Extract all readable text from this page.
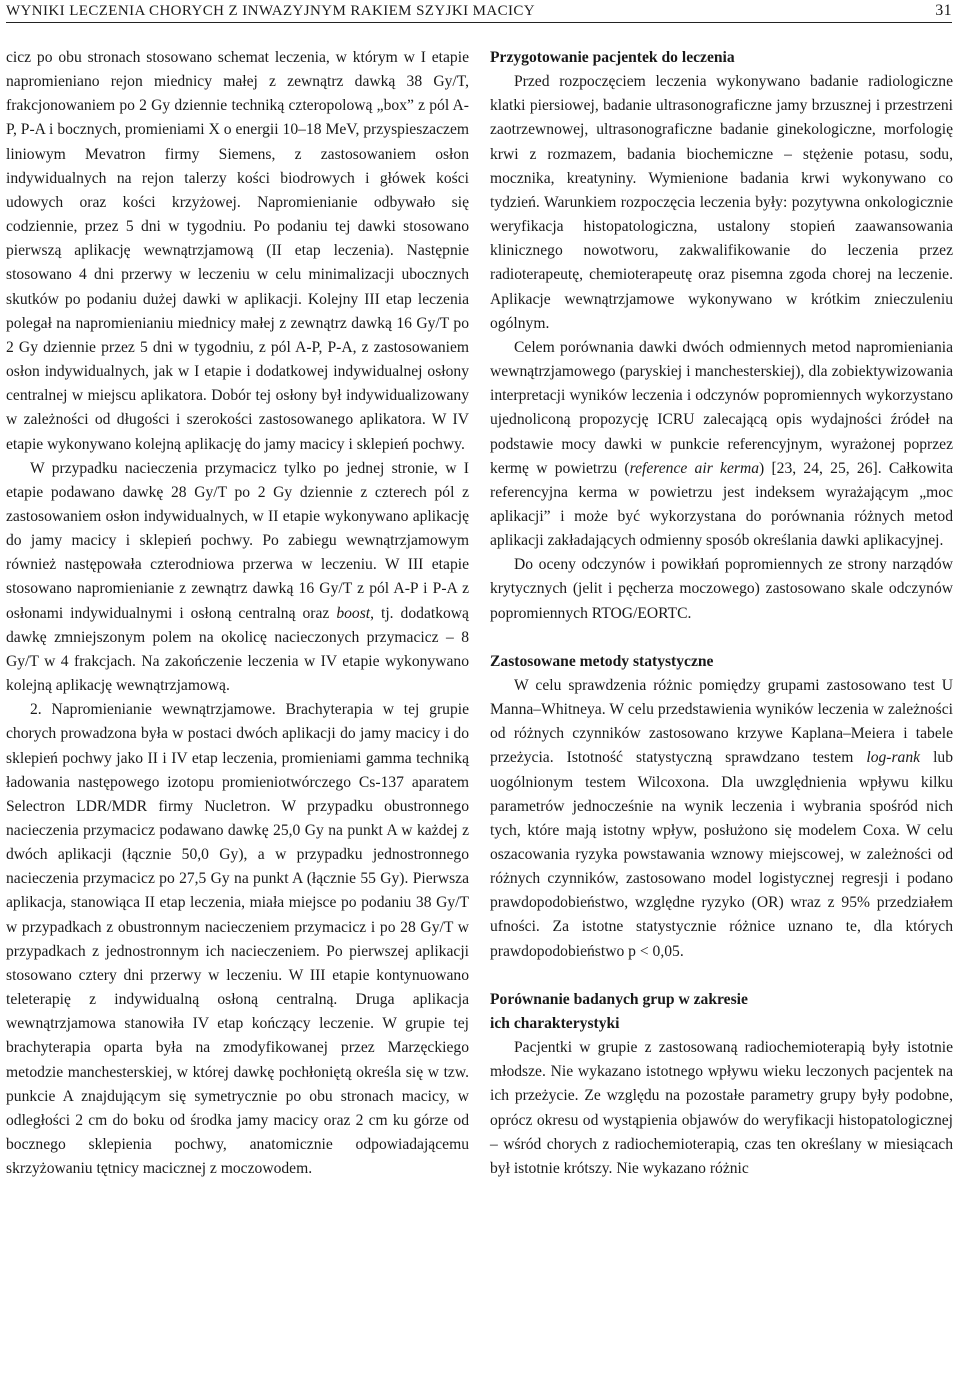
WYNIKI LECZENIA CHORYCH Z INWAZYJNYM RAKIEM SZYJKI MACICY	31

cicz po obu stronach stosowano schemat leczenia, w którym w I etapie napromieniano rejon miednicy małej z zewnątrz dawką 38 Gy/T, frakcjonowaniem po 2 Gy dziennie techniką czteropolową „box” z pól A-P, P-A i bocznych, promieniami X o energii 10–18 MeV, przyspieszaczem liniowym Mevatron firmy Siemens, z zastosowaniem osłon indywidualnych na rejon talerzy kości biodrowych i główek kości udowych oraz kości krzyżowej. Napromienianie odbywało się codziennie, przez 5 dni w tygodniu. Po podaniu tej dawki stosowano pierwszą aplikację wewnątrzjamową (II etap leczenia). Następnie stosowano 4 dni przerwy w leczeniu w celu minimalizacji ubocznych skutków po podaniu dużej dawki w aplikacji. Kolejny III etap leczenia polegał na napromienianiu miednicy małej z zewnątrz dawką 16 Gy/T po 2 Gy dziennie przez 5 dni w tygodniu, z pól A-P, P-A, z zastosowaniem osłon indywidualnych, jak w I etapie i dodatkowej indywidualnej osłony centralnej w miejscu aplikatora. Dobór tej osłony był indywidualizowany w zależności od długości i szerokości zastosowanego aplikatora. W IV etapie wykonywano kolejną aplikację do jamy macicy i sklepień pochwy.

W przypadku nacieczenia przymacicz tylko po jednej stronie, w I etapie podawano dawkę 28 Gy/T po 2 Gy dziennie z czterech pól z zastosowaniem osłon indywidualnych, w II etapie wykonywano aplikację do jamy macicy i sklepień pochwy. Po zabiegu wewnątrzjamowym również następowała czterodniowa przerwa w leczeniu. W III etapie stosowano napromienianie z zewnątrz dawką 16 Gy/T z pól A-P i P-A z osłonami indywidualnymi i osłoną centralną oraz boost, tj. dodatkową dawkę zmniejszonym polem na okolicę nacieczonych przymacicz – 8 Gy/T w 4 frakcjach. Na zakończenie leczenia w IV etapie wykonywano kolejną aplikację wewnątrzjamową.

2. Napromienianie wewnątrzjamowe. Brachyterapia w tej grupie chorych prowadzona była w postaci dwóch aplikacji do jamy macicy i do sklepień pochwy jako II i IV etap leczenia, promieniami gamma techniką ładowania następowego izotopu promieniotwórczego Cs-137 aparatem Selectron LDR/MDR firmy Nucletron. W przypadku obustronnego nacieczenia przymacicz podawano dawkę 25,0 Gy na punkt A w każdej z dwóch aplikacji (łącznie 50,0 Gy), a w przypadku jednostronnego nacieczenia przymacicz po 27,5 Gy na punkt A (łącznie 55 Gy). Pierwsza aplikacja, stanowiąca II etap leczenia, miała miejsce po podaniu 38 Gy/T w przypadkach z obustronnym nacieczeniem przymacicz i po 28 Gy/T w przypadkach z jednostronnym ich nacieczeniem. Po pierwszej aplikacji stosowano cztery dni przerwy w leczeniu. W III etapie kontynuowano teleterapię z indywidualną osłoną centralną. Druga aplikacja wewnątrzjamowa stanowiła IV etap kończący leczenie. W grupie tej brachyterapia oparta była na zmodyfikowanej przez Marzęckiego metodzie manchesterskiej, w której dawkę pochłoniętą określa się w tzw. punkcie A znajdującym się symetrycznie po obu stronach macicy, w odległości 2 cm do boku od środka jamy macicy oraz 2 cm ku górze od bocznego sklepienia pochwy, anatomicznie odpowiadającemu skrzyżowaniu tętnicy macicznej z moczowodem.

Przygotowanie pacjentek do leczenia

Przed rozpoczęciem leczenia wykonywano badanie radiologiczne klatki piersiowej, badanie ultrasonograficzne jamy brzusznej i przestrzeni zaotrzewnowej, ultrasonograficzne badanie ginekologiczne, morfologię krwi z rozmazem, badania biochemiczne – stężenie potasu, sodu, mocznika, kreatyniny. Wymienione badania krwi wykonywano co tydzień. Warunkiem rozpoczęcia leczenia były: pozytywna onkologicznie weryfikacja histopatologiczna, ustalony stopień zaawansowania klinicznego nowotworu, zakwalifikowanie do leczenia przez radioterapeutę, chemioterapeutę oraz pisemna zgoda chorej na leczenie. Aplikacje wewnątrzjamowe wykonywano w krótkim znieczuleniu ogólnym.

Celem porównania dawki dwóch odmiennych metod napromieniania wewnątrzjamowego (paryskiej i manchesterskiej), dla zobiektywizowania interpretacji wyników leczenia i odczynów popromiennych wykorzystano ujednoliconą propozycję ICRU zalecającą opis wydajności źródeł na podstawie mocy dawki w punkcie referencyjnym, wyrażonej poprzez kermę w powietrzu (reference air kerma) [23, 24, 25, 26]. Całkowita referencyjna kerma w powietrzu jest indeksem wyrażającym „moc aplikacji” i może być wykorzystana do porównania różnych metod aplikacji zakładających odmienny sposób określania dawki aplikacyjnej.

Do oceny odczynów i powikłań popromiennych ze strony narządów krytycznych (jelit i pęcherza moczowego) zastosowano skale odczynów popromiennych RTOG/EORTC.

Zastosowane metody statystyczne

W celu sprawdzenia różnic pomiędzy grupami zastosowano test U Manna–Whitneya. W celu przedstawienia wyników leczenia w zależności od różnych czynników zastosowano krzywe Kaplana–Meiera i tabele przeżycia. Istotność statystyczną sprawdzano testem log-rank lub uogólnionym testem Wilcoxona. Dla uwzględnienia wpływu kilku parametrów jednocześnie na wynik leczenia i wybrania spośród nich tych, które mają istotny wpływ, posłużono się modelem Coxa. W celu oszacowania ryzyka powstawania wznowy miejscowej, w zależności od różnych czynników, zastosowano model logistycznej regresji i podano prawdopodobieństwo, względne ryzyko (OR) wraz z 95% przedziałem ufności. Za istotne statystycznie różnice uznano te, dla których prawdopodobieństwo p < 0,05.

Porównanie badanych grup w zakresie
ich charakterystyki

Pacjentki w grupie z zastosowaną radiochemioterapią były istotnie młodsze. Nie wykazano istotnego wpływu wieku leczonych pacjentek na ich przeżycie. Ze względu na pozostałe parametry grupy były podobne, oprócz okresu od wystąpienia objawów do weryfikacji histopatologicznej – wśród chorych z radiochemioterapią, czas ten określany w miesiącach był istotnie krótszy. Nie wykazano różnic
